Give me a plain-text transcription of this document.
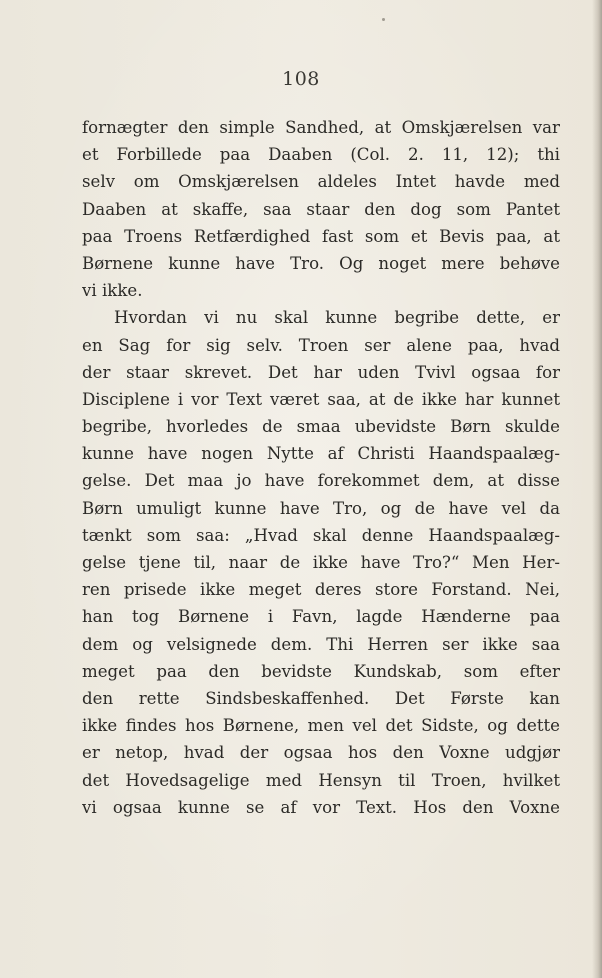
108
fornægter den simple Sandhed, at Omskjærelsen var
et Forbillede paa Daaben (Col. 2. 11, 12); thi
selv om Omskjærelsen aldeles Intet havde med
Daaben at skaffe, saa staar den dog som Pantet
paa Troens Retfærdighed fast som et Bevis paa, at
Børnene kunne have Tro. Og noget mere behøve
vi ikke.
Hvordan vi nu skal kunne begribe dette, er
en Sag for sig selv. Troen ser alene paa, hvad
der staar skrevet. Det har uden Tvivl ogsaa for
Disciplene i vor Text været saa, at de ikke har kunnet
begribe, hvorledes de smaa ubevidste Børn skulde
kunne have nogen Nytte af Christi Haandspaalæg-
gelse. Det maa jo have forekommet dem, at disse
Børn umuligt kunne have Tro, og de have vel da
tænkt som saa: „Hvad skal denne Haandspaalæg-
gelse tjene til, naar de ikke have Tro?“ Men Her-
ren prisede ikke meget deres store Forstand. Nei,
han tog Børnene i Favn, lagde Hænderne paa
dem og velsignede dem. Thi Herren ser ikke saa
meget paa den bevidste Kundskab, som efter
den rette Sindsbeskaffenhed. Det Første kan
ikke findes hos Børnene, men vel det Sidste, og dette
er netop, hvad der ogsaa hos den Voxne udgjør
det Hovedsagelige med Hensyn til Troen, hvilket
vi ogsaa kunne se af vor Text. Hos den Voxne
